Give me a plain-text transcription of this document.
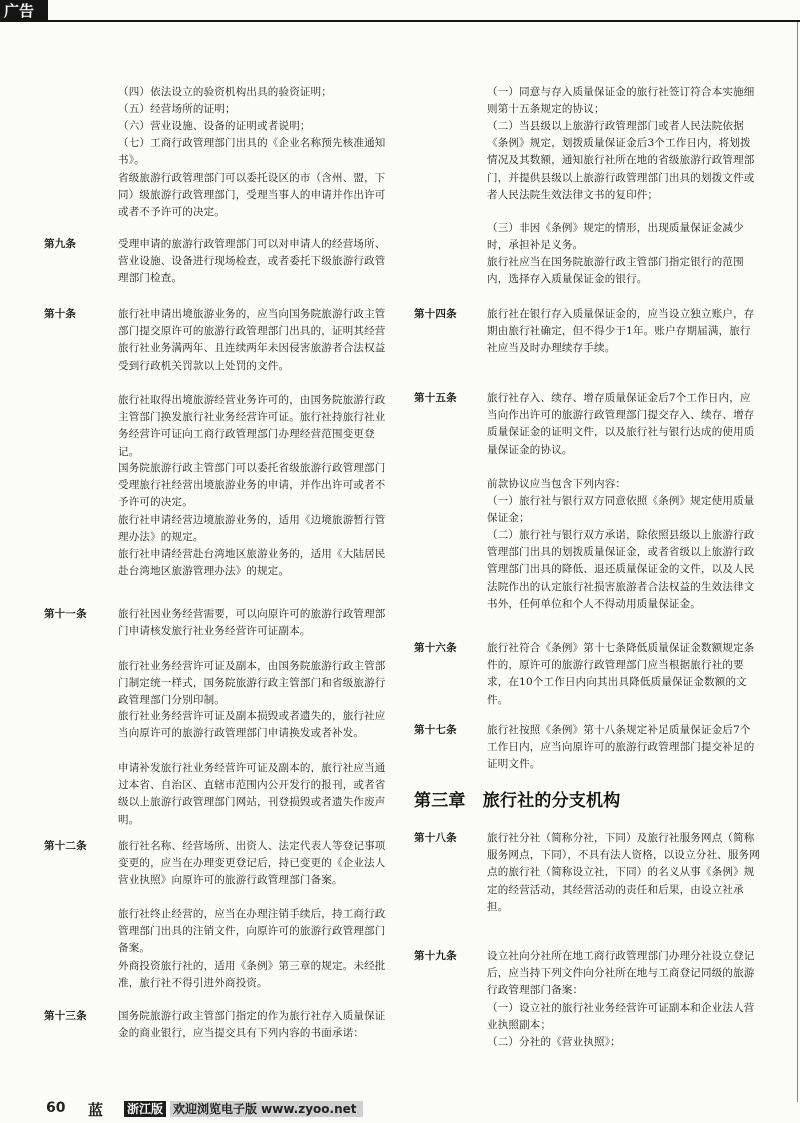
广告

（四）依法设立的验资机构出具的验资证明；

（五）经营场所的证明；

（六）营业设施、设备的证明或者说明；

（七）工商行政管理部门出具的《企业名称预先核准通知书》。

省级旅游行政管理部门可以委托设区的市（含州、盟，下同）级旅游行政管理部门，受理当事人的申请并作出许可或者不予许可的决定。

第九条	受理申请的旅游行政管理部门可以对申请人的经营场所、营业设施、设备进行现场检查，或者委托下级旅游行政管理部门检查。

第十条	旅行社申请出境旅游业务的，应当向国务院旅游行政主管部门提交原许可的旅游行政管理部门出具的，证明其经营旅行社业务满两年、且连续两年未因侵害旅游者合法权益受到行政机关罚款以上处罚的文件。

旅行社取得出境旅游经营业务许可的，由国务院旅游行政主管部门换发旅行社业务经营许可证。旅行社持旅行社业务经营许可证向工商行政管理部门办理经营范围变更登记。

国务院旅游行政主管部门可以委托省级旅游行政管理部门受理旅行社经营出境旅游业务的申请，并作出许可或者不予许可的决定。

旅行社申请经营边境旅游业务的，适用《边境旅游暂行管理办法》的规定。

旅行社申请经营赴台湾地区旅游业务的，适用《大陆居民赴台湾地区旅游管理办法》的规定。

第十一条	旅行社因业务经营需要，可以向原许可的旅游行政管理部门申请核发旅行社业务经营许可证副本。

旅行社业务经营许可证及副本，由国务院旅游行政主管部门制定统一样式，国务院旅游行政主管部门和省级旅游行政管理部门分别印制。

旅行社业务经营许可证及副本损毁或者遗失的，旅行社应当向原许可的旅游行政管理部门申请换发或者补发。

申请补发旅行社业务经营许可证及副本的，旅行社应当通过本省、自治区、直辖市范围内公开发行的报刊，或者省级以上旅游行政管理部门网站，刊登损毁或者遗失作废声明。

第十二条	旅行社名称、经营场所、出资人、法定代表人等登记事项变更的，应当在办理变更登记后，持已变更的《企业法人营业执照》向原许可的旅游行政管理部门备案。

旅行社终止经营的，应当在办理注销手续后，持工商行政管理部门出具的注销文件，向原许可的旅游行政管理部门备案。

外商投资旅行社的，适用《条例》第三章的规定。未经批准，旅行社不得引进外商投资。

第十三条	国务院旅游行政主管部门指定的作为旅行社存入质量保证金的商业银行，应当提交具有下列内容的书面承诺：

（一）同意与存入质量保证金的旅行社签订符合本实施细则第十五条规定的协议；

（二）当县级以上旅游行政管理部门或者人民法院依据《条例》规定，划拨质量保证金后3个工作日内，将划拨情况及其数额，通知旅行社所在地的省级旅游行政管理部门，并提供县级以上旅游行政管理部门出具的划拨文件或者人民法院生效法律文书的复印件；

（三）非因《条例》规定的情形，出现质量保证金减少时，承担补足义务。

旅行社应当在国务院旅游行政主管部门指定银行的范围内，选择存入质量保证金的银行。

第十四条	旅行社在银行存入质量保证金的，应当设立独立账户，存期由旅行社确定，但不得少于1年。账户存期届满，旅行社应当及时办理续存手续。

第十五条	旅行社存入、续存、增存质量保证金后7个工作日内，应当向作出许可的旅游行政管理部门提交存入、续存、增存质量保证金的证明文件，以及旅行社与银行达成的使用质量保证金的协议。

前款协议应当包含下列内容：

（一）旅行社与银行双方同意依照《条例》规定使用质量保证金；

（二）旅行社与银行双方承诺，除依照县级以上旅游行政管理部门出具的划拨质量保证金，或者省级以上旅游行政管理部门出具的降低、退还质量保证金的文件，以及人民法院作出的认定旅行社损害旅游者合法权益的生效法律文书外，任何单位和个人不得动用质量保证金。

第十六条	旅行社符合《条例》第十七条降低质量保证金数额规定条件的，原许可的旅游行政管理部门应当根据旅行社的要求，在10个工作日内向其出具降低质量保证金数额的文件。

第十七条	旅行社按照《条例》第十八条规定补足质量保证金后7个工作日内，应当向原许可的旅游行政管理部门提交补足的证明文件。

第三章　旅行社的分支机构
第十八条	旅行社分社（简称分社，下同）及旅行社服务网点（简称服务网点，下同），不具有法人资格，以设立分社、服务网点的旅行社（简称设立社，下同）的名义从事《条例》规定的经营活动，其经营活动的责任和后果，由设立社承担。

第十九条	设立社向分社所在地工商行政管理部门办理分社设立登记后，应当持下列文件向分社所在地与工商登记同级的旅游行政管理部门备案：

（一）设立社的旅行社业务经营许可证副本和企业法人营业执照副本；

（二）分社的《营业执照》；

60 蓝 浙江版 欢迎浏览电子版 www.zyoo.net
